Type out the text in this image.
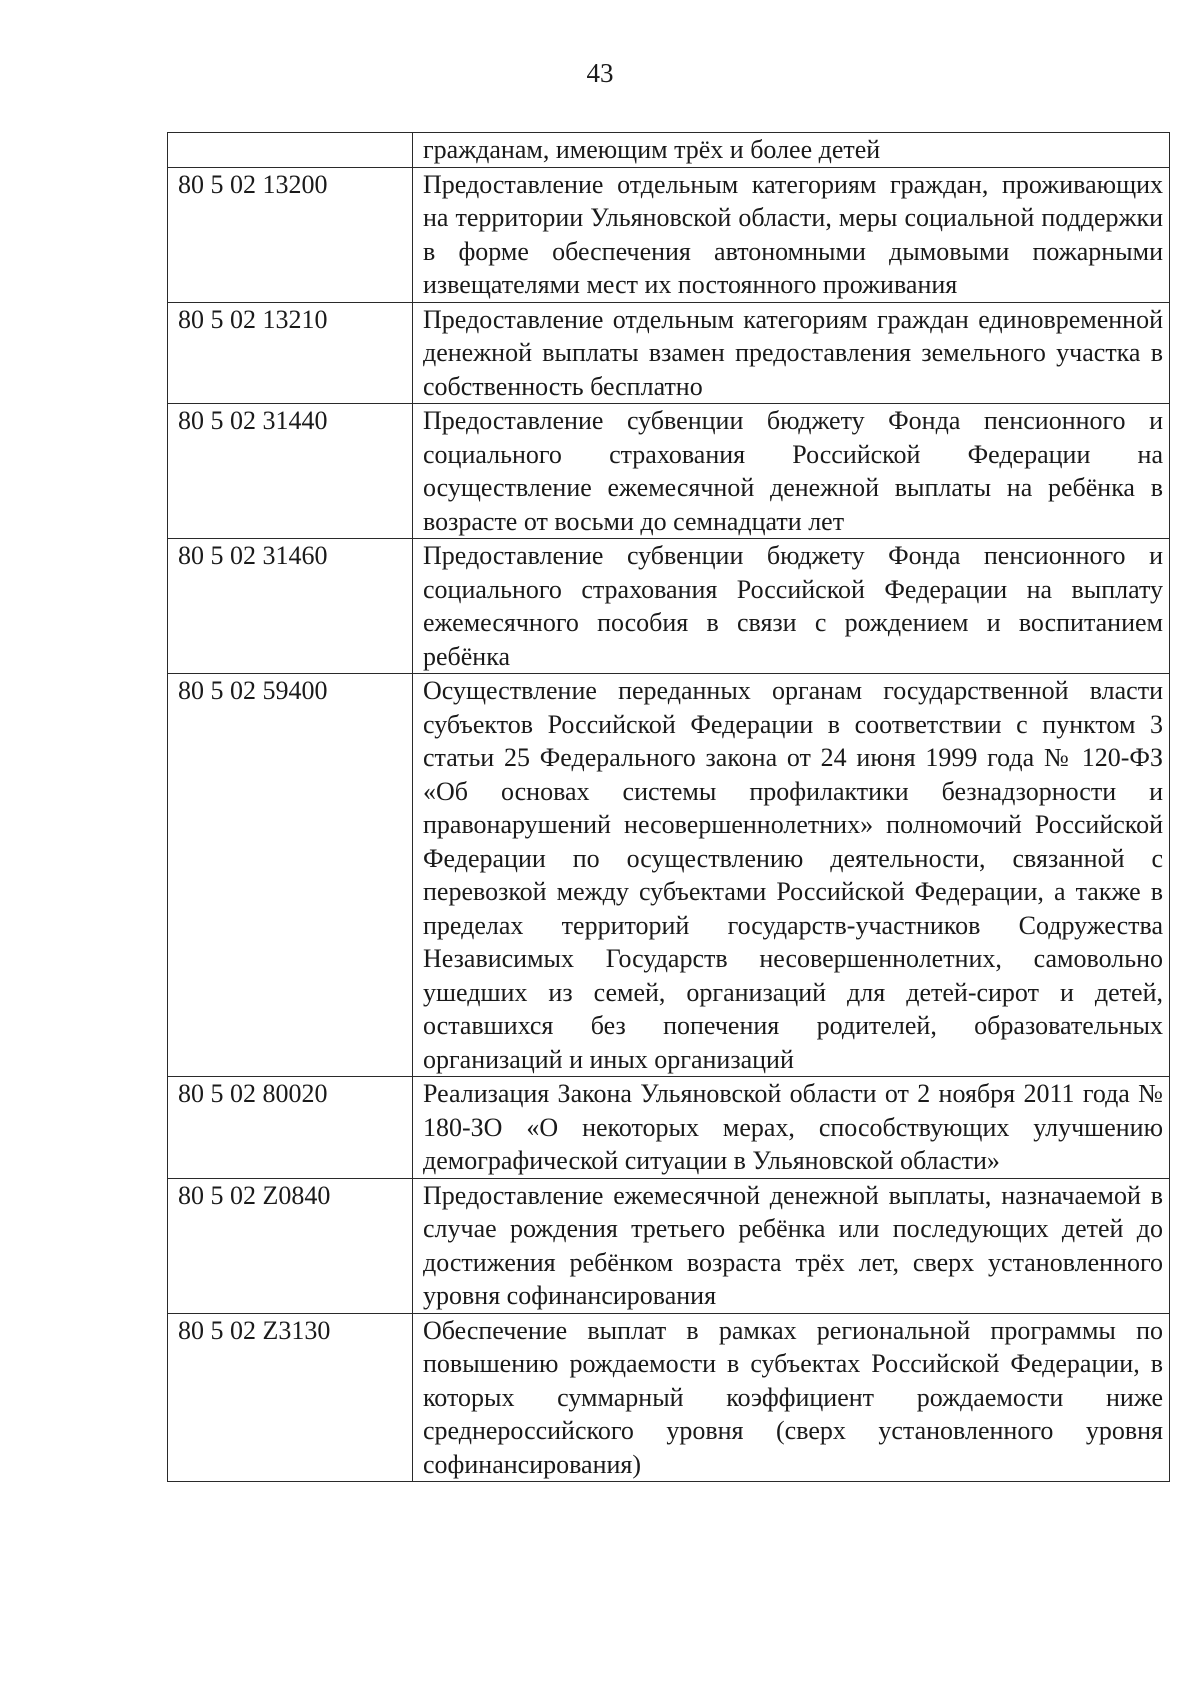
43
	гражданам, имеющим трёх и более детей
80 5 02 13200	Предоставление отдельным категориям граждан, проживающих на территории Ульяновской области, меры социальной поддержки в форме обеспечения автономными дымовыми пожарными извещателями мест их постоянного проживания
80 5 02 13210	Предоставление отдельным категориям граждан единовременной денежной выплаты взамен предоставления земельного участка в собственность бесплатно
80 5 02 31440	Предоставление субвенции бюджету Фонда пенсионного и социального страхования Российской Федерации на осуществление ежемесячной денежной выплаты на ребёнка в возрасте от восьми до семнадцати лет
80 5 02 31460	Предоставление субвенции бюджету Фонда пенсионного и социального страхования Российской Федерации на выплату ежемесячного пособия в связи с рождением и воспитанием ребёнка
80 5 02 59400	Осуществление переданных органам государственной власти субъектов Российской Федерации в соответствии с пунктом 3 статьи 25 Федерального закона от 24 июня 1999 года № 120-ФЗ «Об основах системы профилактики безнадзорности и правонарушений несовершеннолетних» полномочий Российской Федерации по осуществлению деятельности, связанной с перевозкой между субъектами Российской Федерации, а также в пределах территорий государств-участников Содружества Независимых Государств несовершеннолетних, самовольно ушедших из семей, организаций для детей-сирот и детей, оставшихся без попечения родителей, образовательных организаций и иных организаций
80 5 02 80020	Реализация Закона Ульяновской области от 2 ноября 2011 года № 180-ЗО «О некоторых мерах, способствующих улучшению демографической ситуации в Ульяновской области»
80 5 02 Z0840	Предоставление ежемесячной денежной выплаты, назначаемой в случае рождения третьего ребёнка или последующих детей до достижения ребёнком возраста трёх лет, сверх установленного уровня софинансирования
80 5 02 Z3130	Обеспечение выплат в рамках региональной программы по повышению рождаемости в субъектах Российской Федерации, в которых суммарный коэффициент рождаемости ниже среднероссийского уровня (сверх установленного уровня софинансирования)
